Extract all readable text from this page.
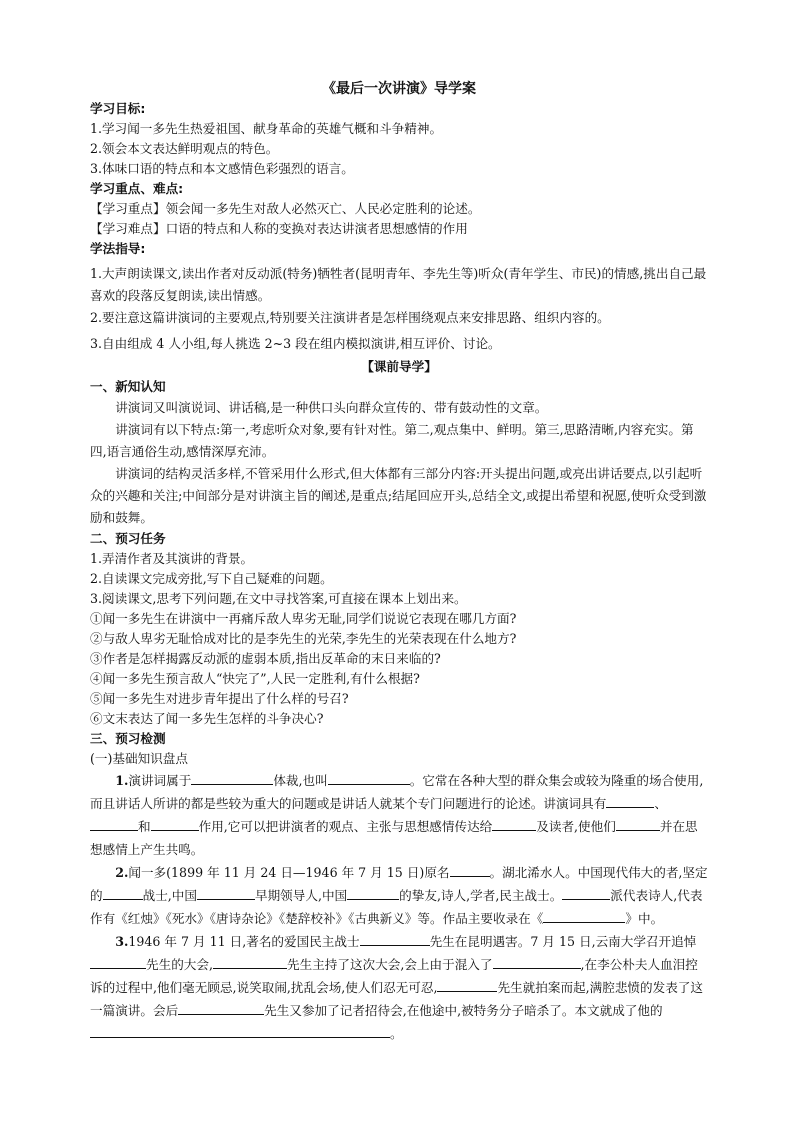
《最后一次讲演》导学案
学习目标:
1.学习闻一多先生热爱祖国、献身革命的英雄气概和斗争精神。
2.领会本文表达鲜明观点的特色。
3.体味口语的特点和本文感情色彩强烈的语言。
学习重点、难点:
【学习重点】领会闻一多先生对敌人必然灭亡、人民必定胜利的论述。
【学习难点】口语的特点和人称的变换对表达讲演者思想感情的作用
学法指导:
1.大声朗读课文,读出作者对反动派(特务)牺牲者(昆明青年、李先生等)听众(青年学生、市民)的情感,挑出自己最喜欢的段落反复朗读,读出情感。
2.要注意这篇讲演词的主要观点,特别要关注演讲者是怎样围绕观点来安排思路、组织内容的。
3.自由组成 4 人小组,每人挑选 2~3 段在组内模拟演讲,相互评价、讨论。
【课前导学】
一、新知认知
讲演词又叫演说词、讲话稿,是一种供口头向群众宣传的、带有鼓动性的文章。
讲演词有以下特点:第一,考虑听众对象,要有针对性。第二,观点集中、鲜明。第三,思路清晰,内容充实。第四,语言通俗生动,感情深厚充沛。
讲演词的结构灵活多样,不管采用什么形式,但大体都有三部分内容:开头提出问题,或亮出讲话要点,以引起听众的兴趣和关注;中间部分是对讲演主旨的阐述,是重点;结尾回应开头,总结全文,或提出希望和祝愿,使听众受到激励和鼓舞。
二、预习任务
1.弄清作者及其演讲的背景。
2.自读课文完成旁批,写下自己疑难的问题。
3.阅读课文,思考下列问题,在文中寻找答案,可直接在课本上划出来。
①闻一多先生在讲演中一再痛斥敌人卑劣无耻,同学们说说它表现在哪几方面?
②与敌人卑劣无耻恰成对比的是李先生的光荣,李先生的光荣表现在什么地方?
③作者是怎样揭露反动派的虚弱本质,指出反革命的末日来临的?
④闻一多先生预言敌人“快完了”,人民一定胜利,有什么根据?
⑤闻一多先生对进步青年提出了什么样的号召?
⑥文末表达了闻一多先生怎样的斗争决心?
三、预习检测
(一)基础知识盘点
1.演讲词属于	体裁,也叫	。它常在各种大型的群众集会或较为隆重的场合使用,而且讲话人所讲的都是些较为重大的问题或是讲话人就某个专门问题进行的论述。讲演词具有	、和	作用,它可以把讲演者的观点、主张与思想感情传达给	及读者,使他们	并在思想感情上产生共鸣。
2.闻一多(1899 年 11 月 24 日—1946 年 7 月 15 日)原名	。湖北浠水人。中国现代伟大的者,坚定的	战士,中国	早期领导人,中国	的挚友,诗人,学者,民主战士。	派代表诗人,代表作有《红烛》《死水》《唐诗杂论》《楚辞校补》《古典新义》等。作品主要收录在《	》中。
3.1946 年 7 月 11 日,著名的爱国民主战士	先生在昆明遇害。7 月 15 日,云南大学召开追悼先生的大会,	先生主持了这次大会,会上由于混入了	,在李公朴夫人血泪控诉的过程中,他们毫无顾忌,说笑取闹,扰乱会场,使人们忍无可忍,	先生就拍案而起,满腔悲愤的发表了这一篇演讲。会后	先生又参加了记者招待会,在他途中,被特务分子暗杀了。本文就成了他的。
